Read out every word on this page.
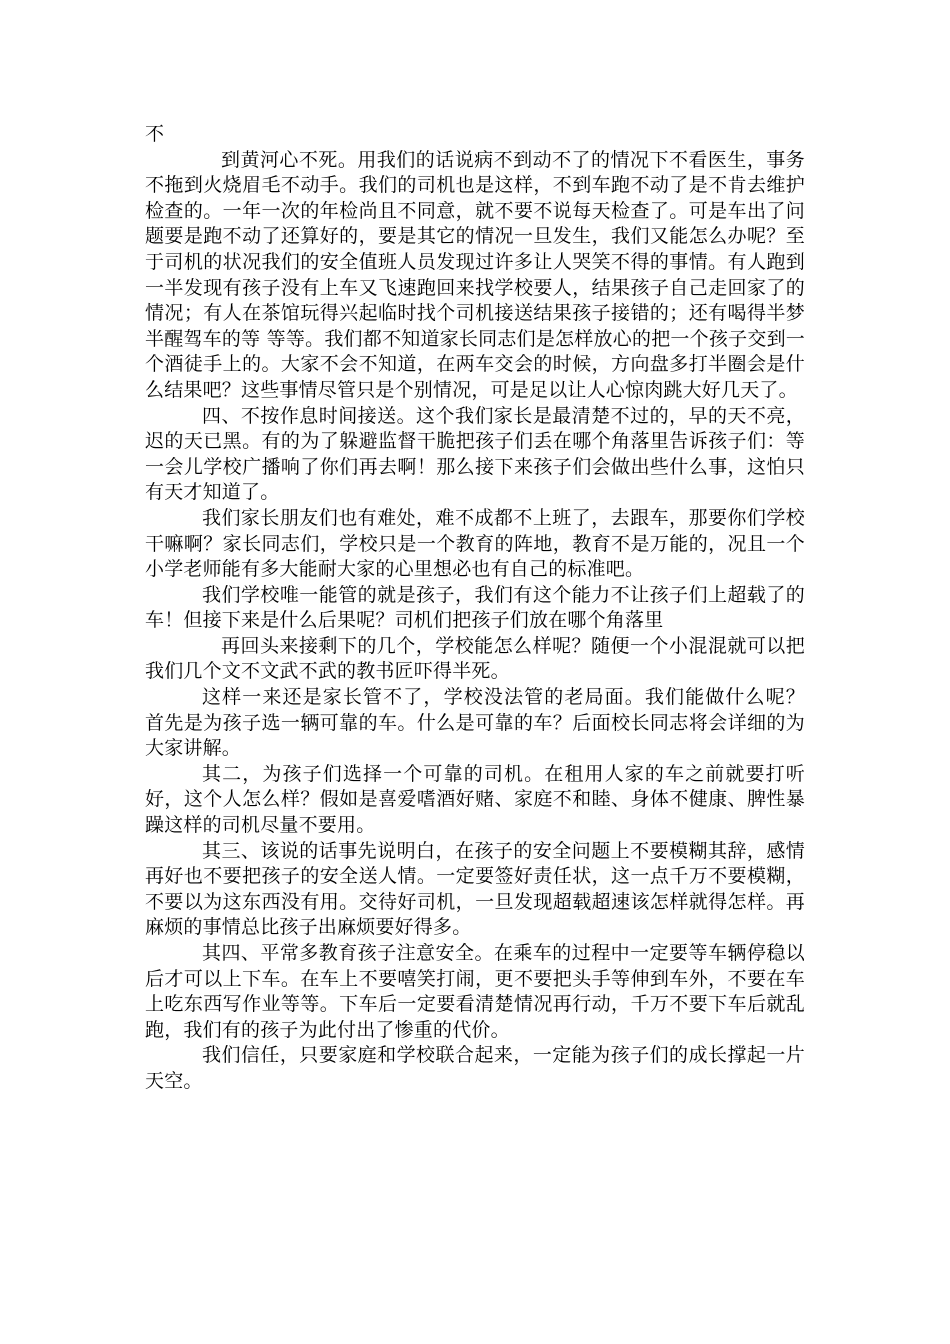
不

到黄河心不死。用我们的话说病不到动不了的情况下不看医生，事务不拖到火烧眉毛不动手。我们的司机也是这样，不到车跑不动了是不肯去维护检查的。一年一次的年检尚且不同意，就不要不说每天检查了。可是车出了问题要是跑不动了还算好的，要是其它的情况一旦发生，我们又能怎么办呢？至于司机的状况我们的安全值班人员发现过许多让人哭笑不得的事情。有人跑到一半发现有孩子没有上车又飞速跑回来找学校要人，结果孩子自己走回家了的情况；有人在茶馆玩得兴起临时找个司机接送结果孩子接错的；还有喝得半梦半醒驾车的等 等等。我们都不知道家长同志们是怎样放心的把一个孩子交到一个酒徒手上的。大家不会不知道，在两车交会的时候，方向盘多打半圈会是什么结果吧？这些事情尽管只是个别情况，可是足以让人心惊肉跳大好几天了。

四、不按作息时间接送。这个我们家长是最清楚不过的，早的天不亮，迟的天已黑。有的为了躲避监督干脆把孩子们丢在哪个角落里告诉孩子们：等一会儿学校广播响了你们再去啊！那么接下来孩子们会做出些什么事，这怕只有天才知道了。

我们家长朋友们也有难处，难不成都不上班了，去跟车，那要你们学校干嘛啊？家长同志们，学校只是一个教育的阵地，教育不是万能的，况且一个小学老师能有多大能耐大家的心里想必也有自己的标准吧。

我们学校唯一能管的就是孩子，我们有这个能力不让孩子们上超载了的车！但接下来是什么后果呢？司机们把孩子们放在哪个角落里

再回头来接剩下的几个，学校能怎么样呢？随便一个小混混就可以把我们几个文不文武不武的教书匠吓得半死。

这样一来还是家长管不了，学校没法管的老局面。我们能做什么呢？　　首先是为孩子选一辆可靠的车。什么是可靠的车？后面校长同志将会详细的为大家讲解。

其二，为孩子们选择一个可靠的司机。在租用人家的车之前就要打听好，这个人怎么样？假如是喜爱嗜酒好赌、家庭不和睦、身体不健康、脾性暴躁这样的司机尽量不要用。

其三、该说的话事先说明白，在孩子的安全问题上不要模糊其辞，感情再好也不要把孩子的安全送人情。一定要签好责任状，这一点千万不要模糊，不要以为这东西没有用。交待好司机，一旦发现超载超速该怎样就得怎样。再麻烦的事情总比孩子出麻烦要好得多。

其四、平常多教育孩子注意安全。在乘车的过程中一定要等车辆停稳以后才可以上下车。在车上不要嘻笑打闹，更不要把头手等伸到车外，不要在车上吃东西写作业等等。下车后一定要看清楚情况再行动，千万不要下车后就乱跑，我们有的孩子为此付出了惨重的代价。

我们信任，只要家庭和学校联合起来，一定能为孩子们的成长撑起一片天空。
